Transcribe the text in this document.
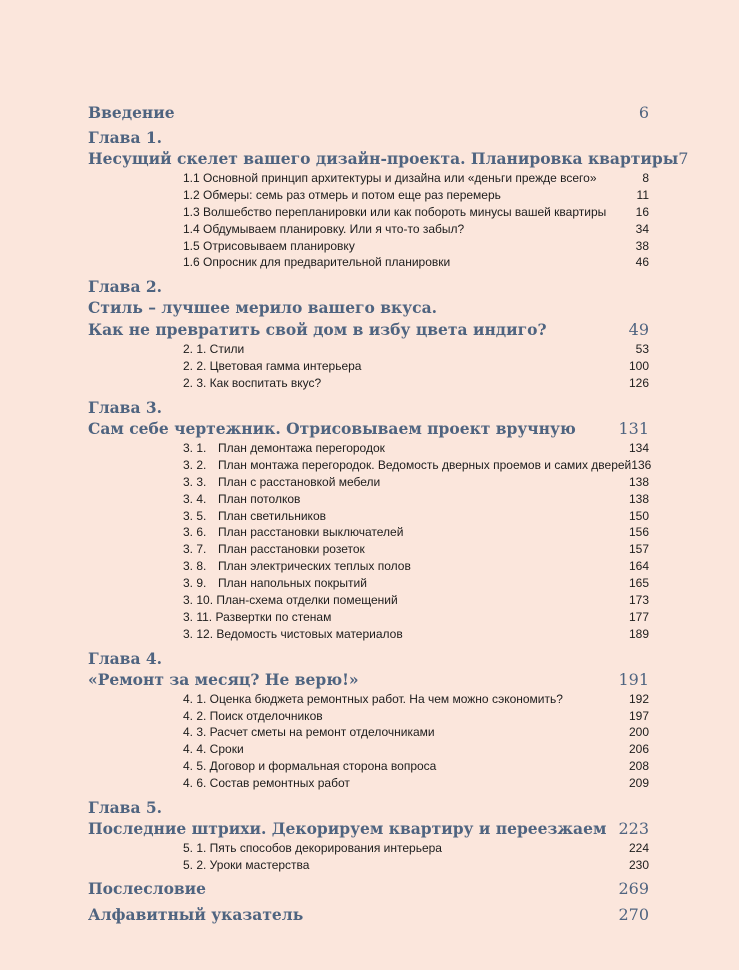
Введение	6
Глава 1.
Несущий скелет вашего дизайн-проекта. Планировка квартиры 7
1.1 Основной принцип архитектуры и дизайна или «деньги прежде всего»	8
1.2 Обмеры: семь раз отмерь и потом еще раз перемерь	11
1.3 Волшебство перепланировки или как побороть минусы вашей квартиры 16
1.4 Обдумываем планировку. Или я что-то забыл?	34
1.5 Отрисовываем планировку	38
1.6 Опросник для предварительной планировки	46
Глава 2.
Стиль – лучшее мерило вашего вкуса.
Как не превратить свой дом в избу цвета индиго?	49
2. 1. Стили	53
2. 2. Цветовая гамма интерьера	100
2. 3. Как воспитать вкус?	126
Глава 3.
Сам себе чертежник. Отрисовываем проект вручную	131
3. 1. План демонтажа перегородок	134
3. 2. План монтажа перегородок. Ведомость дверных проемов и самих дверей 136
3. 3. План с расстановкой мебели	138
3. 4. План потолков	138
3. 5. План светильников	150
3. 6. План расстановки выключателей	156
3. 7. План расстановки розеток	157
3. 8. План электрических теплых полов	164
3. 9. План напольных покрытий	165
3. 10. План-схема отделки помещений	173
3. 11. Развертки по стенам	177
3. 12. Ведомость чистовых материалов	189
Глава 4.
«Ремонт за месяц? Не верю!»	191
4. 1. Оценка бюджета ремонтных работ. На чем можно сэкономить?	192
4. 2. Поиск отделочников	197
4. 3. Расчет сметы на ремонт отделочниками	200
4. 4. Сроки	206
4. 5. Договор и формальная сторона вопроса	208
4. 6. Состав ремонтных работ	209
Глава 5.
Последние штрихи. Декорируем квартиру и переезжаем 223
5. 1. Пять способов декорирования интерьера	224
5. 2. Уроки мастерства	230
Послесловие	269
Алфавитный указатель	270
